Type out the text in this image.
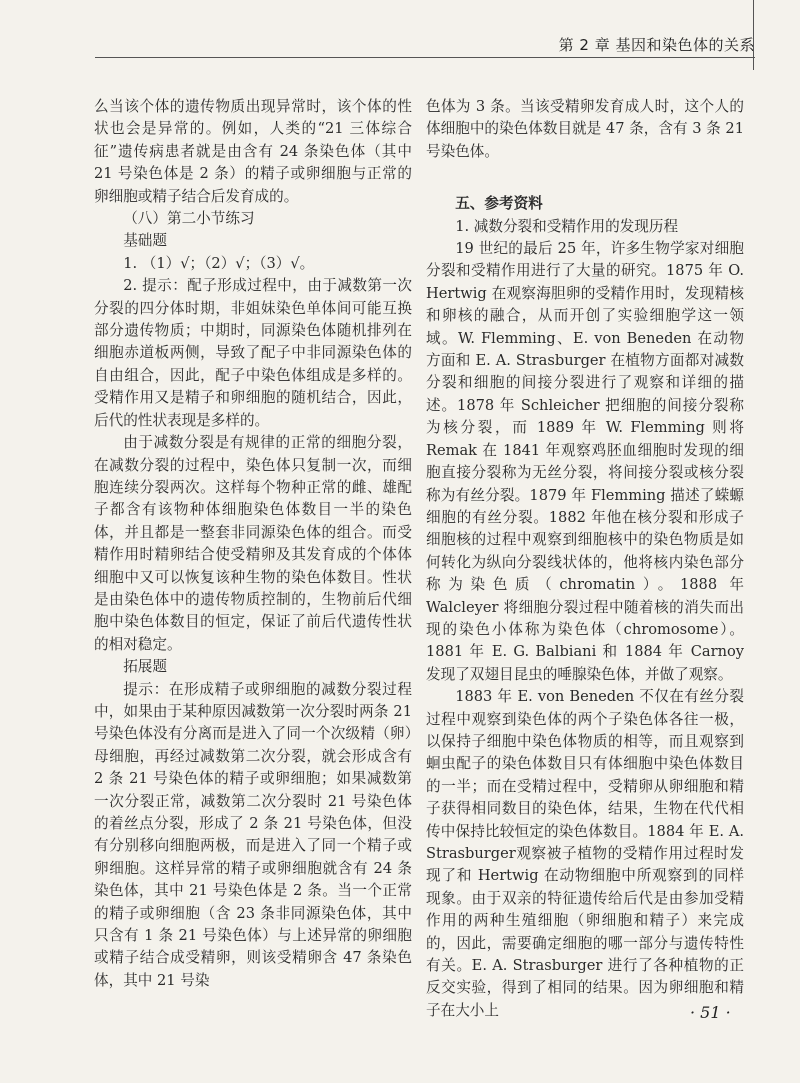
第 2 章 基因和染色体的关系

么当该个体的遗传物质出现异常时，该个体的性状也会是异常的。例如，人类的“21 三体综合征”遗传病患者就是由含有 24 条染色体（其中 21 号染色体是 2 条）的精子或卵细胞与正常的卵细胞或精子结合后发育成的。

（八）第二小节练习

基础题

1. （1）√；（2）√；（3）√。

2. 提示：配子形成过程中，由于减数第一次分裂的四分体时期，非姐妹染色单体间可能互换部分遗传物质；中期时，同源染色体随机排列在细胞赤道板两侧，导致了配子中非同源染色体的自由组合，因此，配子中染色体组成是多样的。受精作用又是精子和卵细胞的随机结合，因此，后代的性状表现是多样的。

由于减数分裂是有规律的正常的细胞分裂，在减数分裂的过程中，染色体只复制一次，而细胞连续分裂两次。这样每个物种正常的雌、雄配子都含有该物种体细胞染色体数目一半的染色体，并且都是一整套非同源染色体的组合。而受精作用时精卵结合使受精卵及其发育成的个体体细胞中又可以恢复该种生物的染色体数目。性状是由染色体中的遗传物质控制的，生物前后代细胞中染色体数目的恒定，保证了前后代遗传性状的相对稳定。

拓展题

提示：在形成精子或卵细胞的减数分裂过程中，如果由于某种原因减数第一次分裂时两条 21 号染色体没有分离而是进入了同一个次级精（卵）母细胞，再经过减数第二次分裂，就会形成含有 2 条 21 号染色体的精子或卵细胞；如果减数第一次分裂正常，减数第二次分裂时 21 号染色体的着丝点分裂，形成了 2 条 21 号染色体，但没有分别移向细胞两极，而是进入了同一个精子或卵细胞。这样异常的精子或卵细胞就含有 24 条染色体，其中 21 号染色体是 2 条。当一个正常的精子或卵细胞（含 23 条非同源染色体，其中只含有 1 条 21 号染色体）与上述异常的卵细胞或精子结合成受精卵，则该受精卵含 47 条染色体，其中 21 号染

色体为 3 条。当该受精卵发育成人时，这个人的体细胞中的染色体数目就是 47 条，含有 3 条 21 号染色体。

五、参考资料

1. 减数分裂和受精作用的发现历程

19 世纪的最后 25 年，许多生物学家对细胞分裂和受精作用进行了大量的研究。1875 年 O. Hertwig 在观察海胆卵的受精作用时，发现精核和卵核的融合，从而开创了实验细胞学这一领域。W. Flemming、E. von Beneden 在动物方面和 E. A. Strasburger 在植物方面都对减数分裂和细胞的间接分裂进行了观察和详细的描述。1878 年 Schleicher 把细胞的间接分裂称为核分裂，而 1889 年 W. Flemming 则将 Remak 在 1841 年观察鸡胚血细胞时发现的细胞直接分裂称为无丝分裂，将间接分裂或核分裂称为有丝分裂。1879 年 Flemming 描述了蝾螈细胞的有丝分裂。1882 年他在核分裂和形成子细胞核的过程中观察到细胞核中的染色物质是如何转化为纵向分裂线状体的，他将核内染色部分称为染色质（chromatin）。1888 年 Walcleyer 将细胞分裂过程中随着核的消失而出现的染色小体称为染色体（chromosome）。1881 年 E. G. Balbiani 和 1884 年 Carnoy 发现了双翅目昆虫的唾腺染色体，并做了观察。

1883 年 E. von Beneden 不仅在有丝分裂过程中观察到染色体的两个子染色体各往一极，以保持子细胞中染色体物质的相等，而且观察到蛔虫配子的染色体数目只有体细胞中染色体数目的一半；而在受精过程中，受精卵从卵细胞和精子获得相同数目的染色体，结果，生物在代代相传中保持比较恒定的染色体数目。1884 年 E. A. Strasburger观察被子植物的受精作用过程时发现了和 Hertwig 在动物细胞中所观察到的同样现象。由于双亲的特征遗传给后代是由参加受精作用的两种生殖细胞（卵细胞和精子）来完成的，因此，需要确定细胞的哪一部分与遗传特性有关。E. A. Strasburger 进行了各种植物的正反交实验，得到了相同的结果。因为卵细胞和精子在大小上	· 51 ·
